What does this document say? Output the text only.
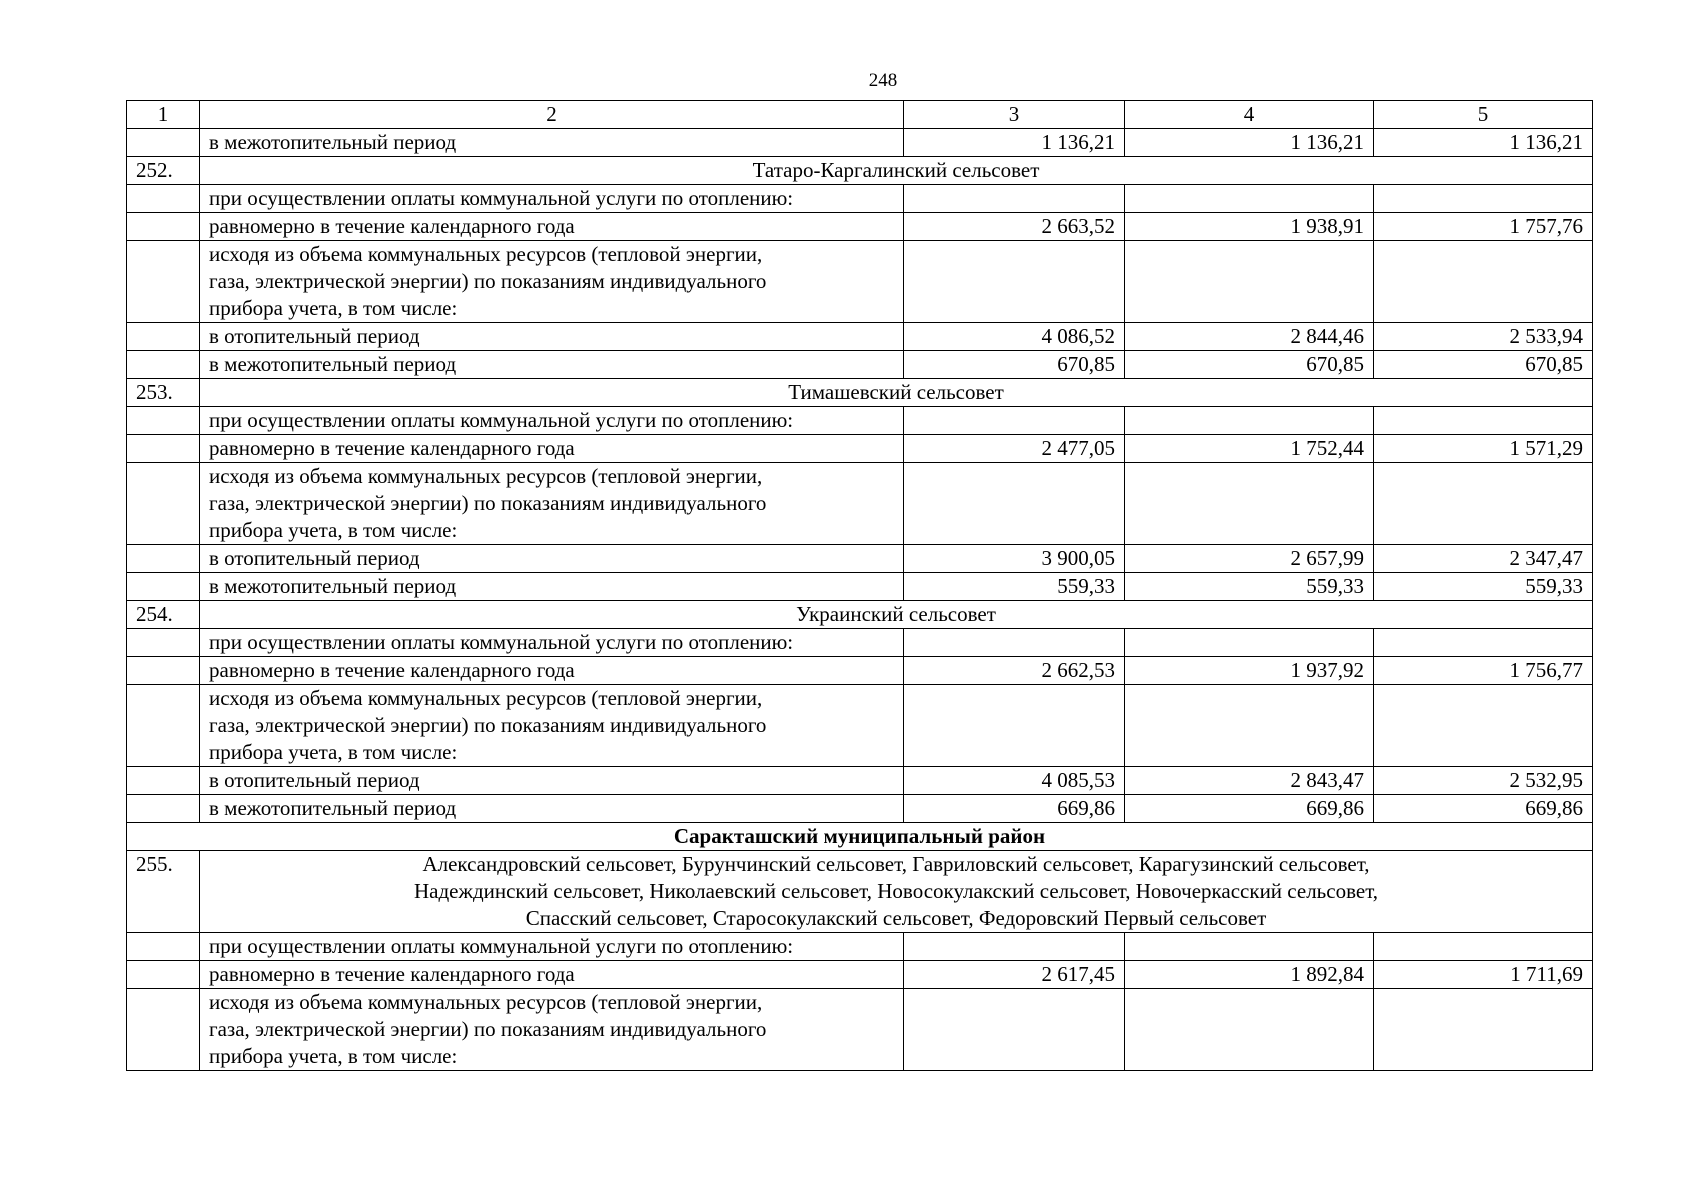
248
1	2	3	4	5
	в межотопительный период	1 136,21	1 136,21	1 136,21
252.	Татаро-Каргалинский сельсовет			
	при осуществлении оплаты коммунальной услуги по отоплению:			
	равномерно в течение календарного года	2 663,52	1 938,91	1 757,76

	исходя из объема коммунальных ресурсов (тепловой энергии,
газа, электрической энергии) по показаниям индивидуального
прибора учета, в том числе:			

	в отопительный период	4 086,52	2 844,46	2 533,94
	в межотопительный период	670,85	670,85	670,85
253.	Тимашевский сельсовет			
	при осуществлении оплаты коммунальной услуги по отоплению:			
	равномерно в течение календарного года	2 477,05	1 752,44	1 571,29

	исходя из объема коммунальных ресурсов (тепловой энергии,
газа, электрической энергии) по показаниям индивидуального
прибора учета, в том числе:			

	в отопительный период	3 900,05	2 657,99	2 347,47
	в межотопительный период	559,33	559,33	559,33
254.	Украинский сельсовет			
	при осуществлении оплаты коммунальной услуги по отоплению:			
	равномерно в течение календарного года	2 662,53	1 937,92	1 756,77

	исходя из объема коммунальных ресурсов (тепловой энергии,
газа, электрической энергии) по показаниям индивидуального
прибора учета, в том числе:			

	в отопительный период	4 085,53	2 843,47	2 532,95
	в межотопительный период	669,86	669,86	669,86
Саракташский муниципальный район				
255.	Александровский сельсовет, Бурунчинский сельсовет, Гавриловский сельсовет, Карагузинский сельсовет,
Надеждинский сельсовет, Николаевский сельсовет, Новосокулакский сельсовет, Новочеркасский сельсовет,
Спасский сельсовет, Старосокулакский сельсовет, Федоровский Первый сельсовет			

	при осуществлении оплаты коммунальной услуги по отоплению:			
	равномерно в течение календарного года	2 617,45	1 892,84	1 711,69

	исходя из объема коммунальных ресурсов (тепловой энергии,
газа, электрической энергии) по показаниям индивидуального
прибора учета, в том числе:			
